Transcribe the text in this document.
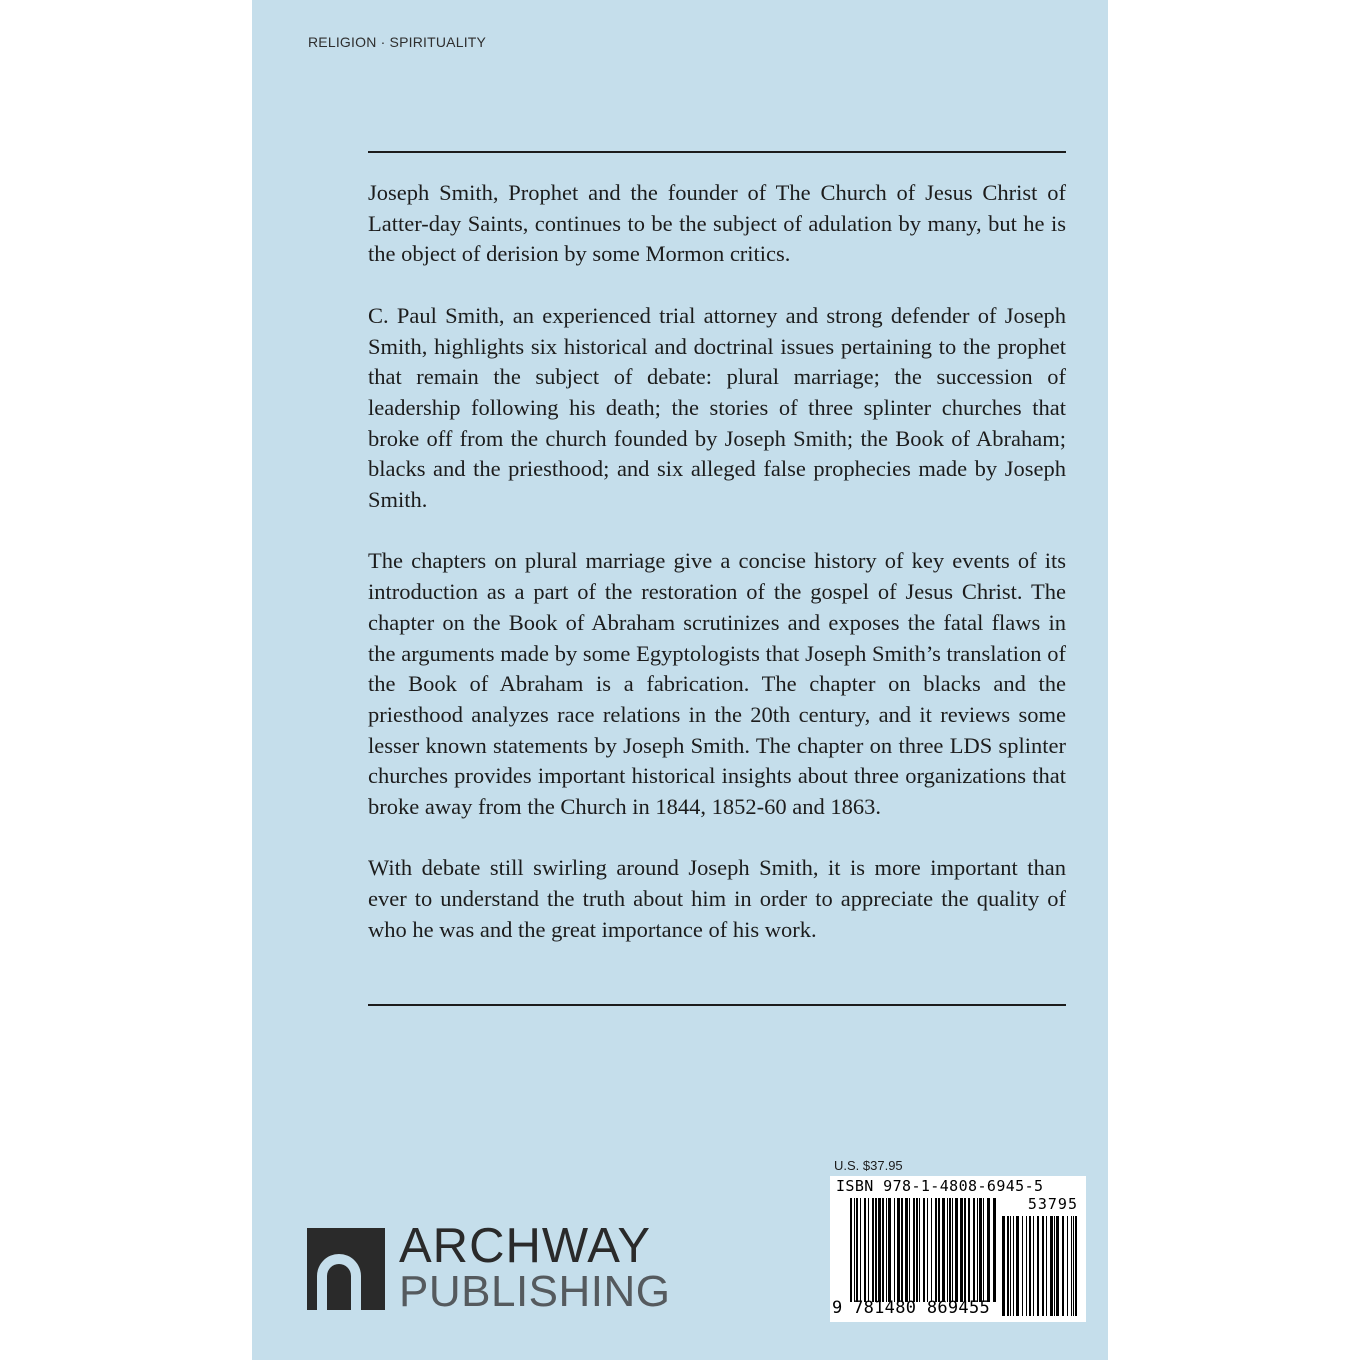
RELIGION · SPIRITUALITY

Joseph Smith, Prophet and the founder of The Church of Jesus Christ of Latter-day Saints, continues to be the subject of adulation by many, but he is the object of derision by some Mormon critics.

C. Paul Smith, an experienced trial attorney and strong defender of Joseph Smith, highlights six historical and doctrinal issues pertaining to the prophet that remain the subject of debate: plural marriage; the succession of leadership following his death; the stories of three splinter churches that broke off from the church founded by Joseph Smith; the Book of Abraham; blacks and the priesthood; and six alleged false prophecies made by Joseph Smith.

The chapters on plural marriage give a concise history of key events of its introduction as a part of the restoration of the gospel of Jesus Christ. The chapter on the Book of Abraham scrutinizes and exposes the fatal flaws in the arguments made by some Egyptologists that Joseph Smith’s translation of the Book of Abraham is a fabrication. The chapter on blacks and the priesthood analyzes race relations in the 20th century, and it reviews some lesser known statements by Joseph Smith. The chapter on three LDS splinter churches provides important historical insights about three organizations that broke away from the Church in 1844, 1852-60 and 1863.

With debate still swirling around Joseph Smith, it is more important than ever to understand the truth about him in order to appreciate the quality of who he was and the great importance of his work.

ARCHWAY
PUBLISHING
U.S. $37.95
ISBN 978-1-4808-6945-5
53795
9 781480 869455
